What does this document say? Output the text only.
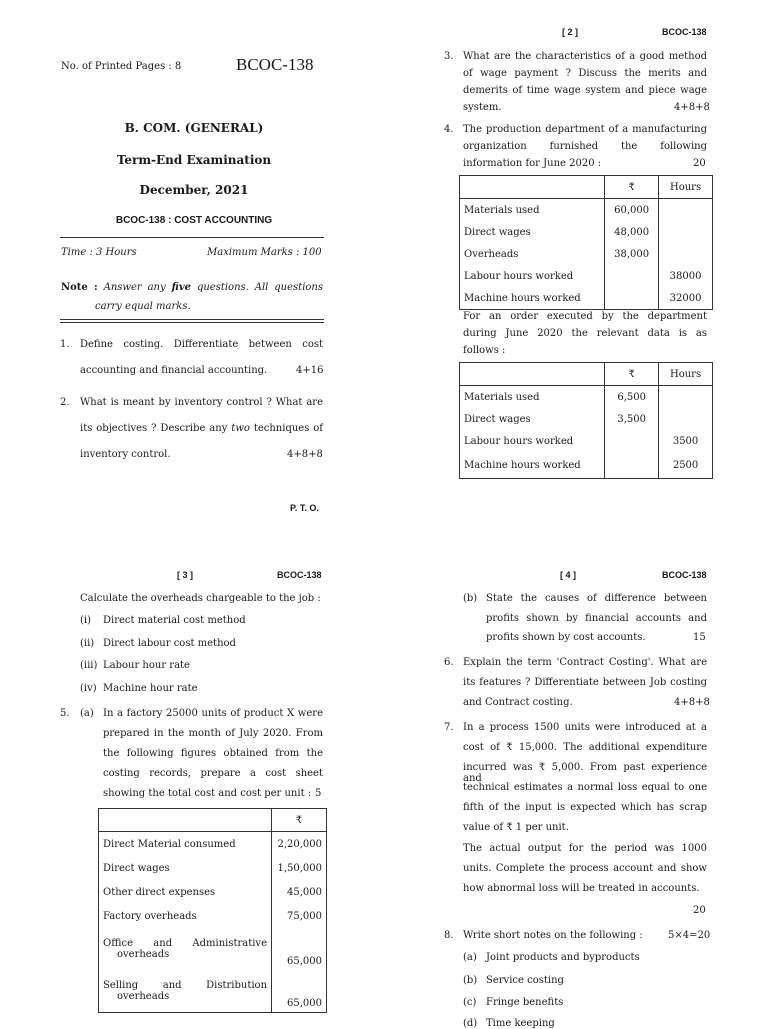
No. of Printed Pages : 8	BCOC-138
B. COM. (GENERAL)
Term-End Examination
December, 2021
BCOC-138 : COST ACCOUNTING
Time : 3 Hours	Maximum Marks : 100
Note : Answer any five questions. All questions
carry equal marks.
1. Define costing. Differentiate between cost
accounting and financial accounting.	4+16
2. What is meant by inventory control ? What are
its objectives ? Describe any two techniques of
inventory control.	4+8+8
P. T. O.
[ 2 ]	BCOC-138
3. What are the characteristics of a good method
of wage payment ? Discuss the merits and
demerits of time wage system and piece wage
system.	4+8+8
4. The production department of a manufacturing
organization furnished the following
information for June 2020 :	20
	₹	Hours
Materials used	60,000	
Direct wages	48,000	
Overheads	38,000	
Labour hours worked		38000
Machine hours worked		32000
For an order executed by the department
during June 2020 the relevant data is as
follows :
	₹	Hours
Materials used	6,500	
Direct wages	3,500	
Labour hours worked		3500
Machine hours worked		2500
[ 3 ]	BCOC-138
Calculate the overheads chargeable to the job :
(i) Direct material cost method
(ii) Direct labour cost method
(iii) Labour hour rate
(iv) Machine hour rate
5. (a) In a factory 25000 units of product X were
prepared in the month of July 2020. From
the following figures obtained from the
costing records, prepare a cost sheet
showing the total cost and cost per unit : 5
	₹
Direct Material consumed	2,20,000
Direct wages	1,50,000
Other direct expenses	45,000
Factory overheads	75,000

Office and Administrative
overheads	65,000

Selling and Distribution
overheads	65,000
[ 4 ]	BCOC-138
(b) State the causes of difference between
profits shown by financial accounts and
profits shown by cost accounts.	15
6. Explain the term 'Contract Costing'. What are
its features ? Differentiate between Job costing
and Contract costing.	4+8+8
7. In a process 1500 units were introduced at a
cost of ₹ 15,000. The additional expenditure
incurred was ₹ 5,000. From past experience and
technical estimates a normal loss equal to one
fifth of the input is expected which has scrap
value of ₹ 1 per unit.
The actual output for the period was 1000
units. Complete the process account and show
how abnormal loss will be treated in accounts.
20
8. Write short notes on the following :	5×4=20
(a) Joint products and byproducts
(b) Service costing
(c) Fringe benefits
(d) Time keeping
